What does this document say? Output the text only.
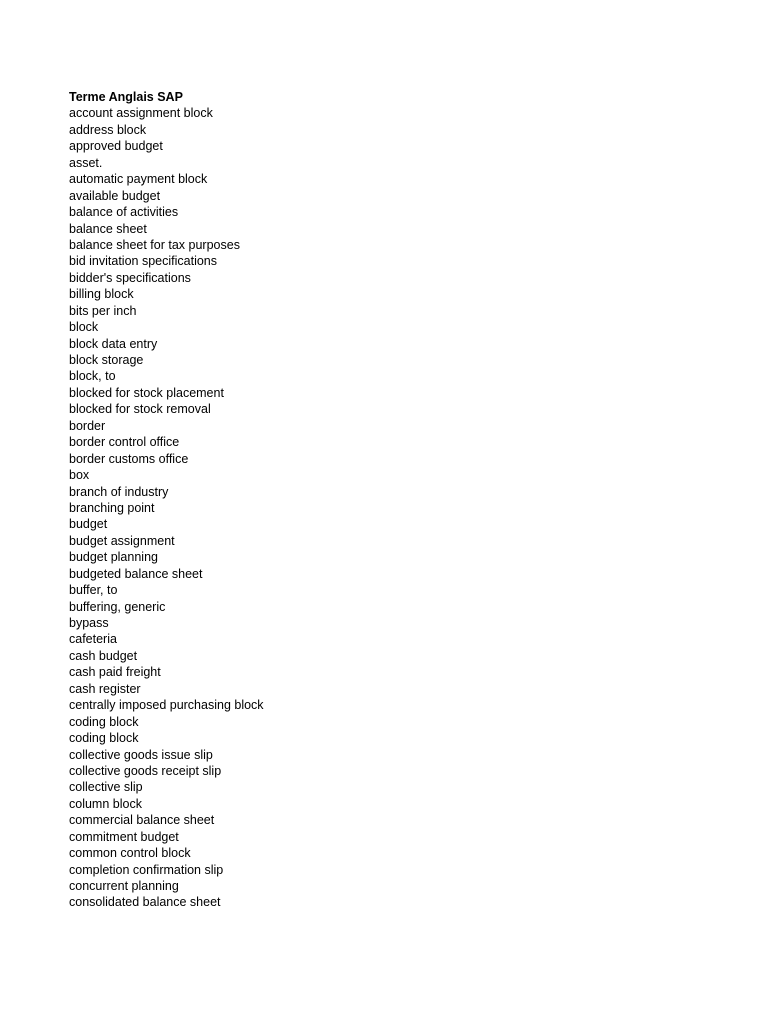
Terme Anglais SAP
account assignment block
address block
approved budget
asset.
automatic payment block
available budget
balance of activities
balance sheet
balance sheet for tax purposes
bid invitation specifications
bidder's specifications
billing block
bits per inch
block
block data entry
block storage
block, to
blocked for stock placement
blocked for stock removal
border
border control office
border customs office
box
branch of industry
branching point
budget
budget assignment
budget planning
budgeted balance sheet
buffer, to
buffering, generic
bypass
cafeteria
cash budget
cash paid freight
cash register
centrally imposed purchasing block
coding block
coding block
collective goods issue slip
collective goods receipt slip
collective slip
column block
commercial balance sheet
commitment budget
common control block
completion confirmation slip
concurrent planning
consolidated balance sheet
